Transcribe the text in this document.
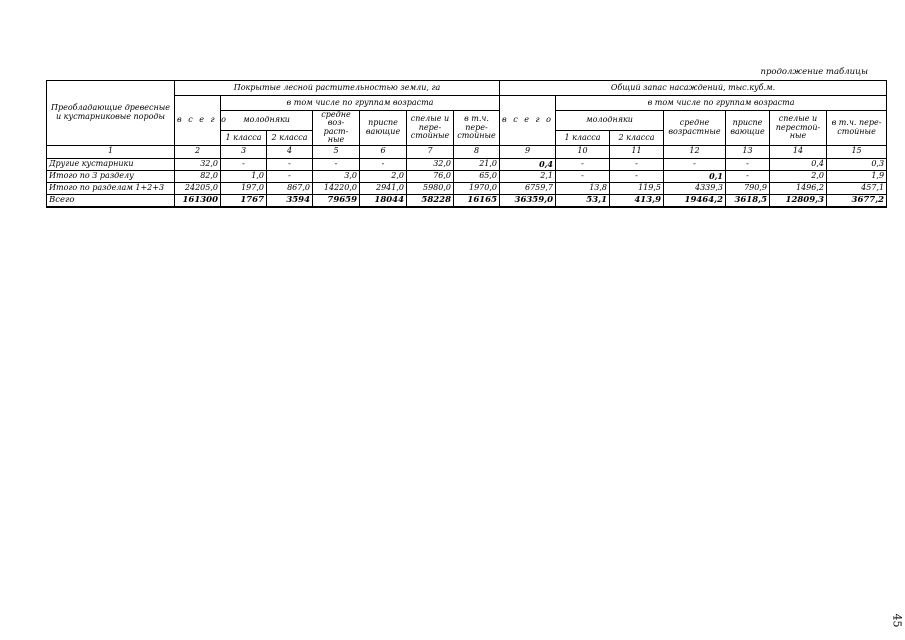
продолжение таблицы
Преобладающие древесные и кустарниковые породы	Покрытые лесной растительностью земли, га							Общий запас насаждений, тыс.куб.м.						
	в с е г о	в том числе по группам возраста						в с е г о	в том числе по группам возраста					
		молодняки		средне воз- раст- ные	приспе вающие	спелые и пере- стойные	в т.ч. пере- стойные		молодняки		средне возрастные	приспе вающие	спелые и перестой- ные	в т.ч. пере- стойные
		1 класса	2 класса						1 класса	2 класса				
1	2	3	4	5	6	7	8	9	10	11	12	13	14	15
Другие кустарники	32,0	-	-	-	-	32,0	21,0	0,4	-	-	-	-	0,4	0,3
Итого по 3 разделу	82,0	1,0	-	3,0	2,0	76,0	65,0	2,1	-	-	0,1	-	2,0	1,9
Итого по разделам 1+2+3	24205,0	197,0	867,0	14220,0	2941,0	5980,0	1970,0	6759,7	13,8	119,5	4339,3	790,9	1496,2	457,1
Всего	161300	1767	3594	79659	18044	58228	16165	36359,0	53,1	413,9	19464,2	3618,5	12809,3	3677,2
45
